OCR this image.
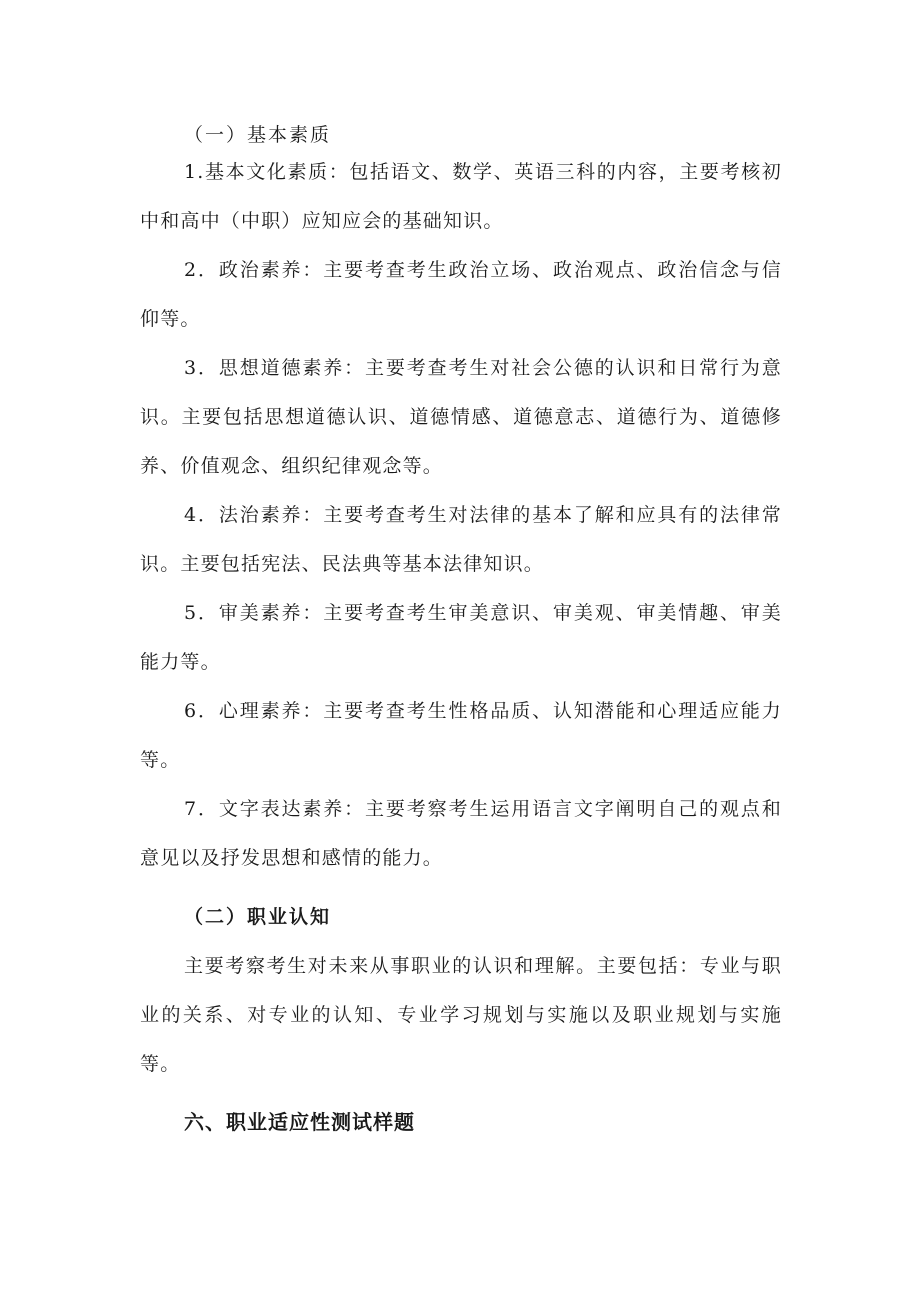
（一）基本素质

1.基本文化素质：包括语文、数学、英语三科的内容，主要考核初中和高中（中职）应知应会的基础知识。

2．政治素养：主要考查考生政治立场、政治观点、政治信念与信仰等。

3．思想道德素养：主要考查考生对社会公德的认识和日常行为意识。主要包括思想道德认识、道德情感、道德意志、道德行为、道德修养、价值观念、组织纪律观念等。

4．法治素养：主要考查考生对法律的基本了解和应具有的法律常识。主要包括宪法、民法典等基本法律知识。

5．审美素养：主要考查考生审美意识、审美观、审美情趣、审美能力等。

6．心理素养：主要考查考生性格品质、认知潜能和心理适应能力等。

7．文字表达素养：主要考察考生运用语言文字阐明自己的观点和意见以及抒发思想和感情的能力。

（二）职业认知

主要考察考生对未来从事职业的认识和理解。主要包括：专业与职业的关系、对专业的认知、专业学习规划与实施以及职业规划与实施等。

六、职业适应性测试样题
